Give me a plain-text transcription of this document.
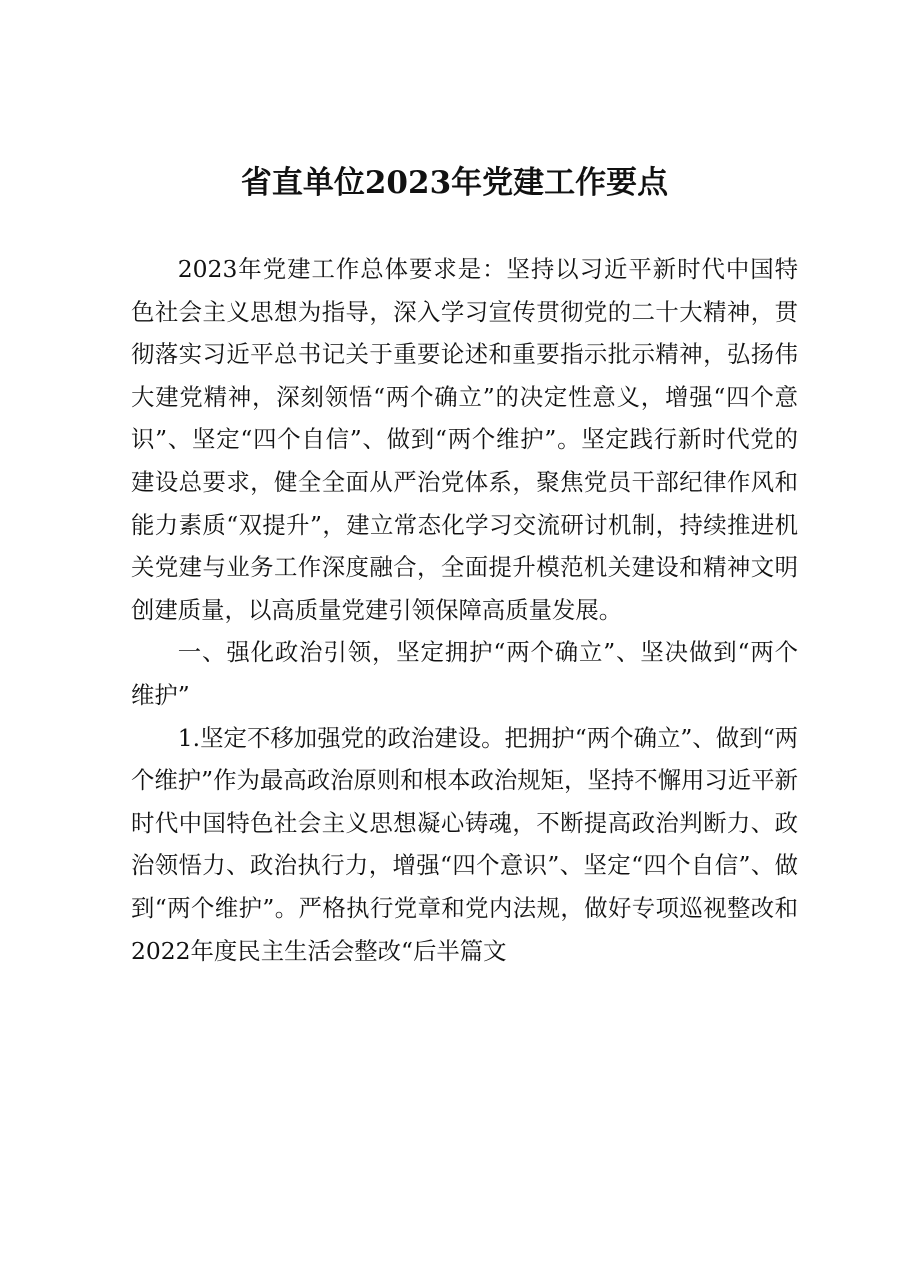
省直单位2023年党建工作要点

2023年党建工作总体要求是：坚持以习近平新时代中国特色社会主义思想为指导，深入学习宣传贯彻党的二十大精神，贯彻落实习近平总书记关于重要论述和重要指示批示精神，弘扬伟大建党精神，深刻领悟“两个确立”的决定性意义，增强“四个意识”、坚定“四个自信”、做到“两个维护”。坚定践行新时代党的建设总要求，健全全面从严治党体系，聚焦党员干部纪律作风和能力素质“双提升”，建立常态化学习交流研讨机制，持续推进机关党建与业务工作深度融合，全面提升模范机关建设和精神文明创建质量，以高质量党建引领保障高质量发展。

一、强化政治引领，坚定拥护“两个确立”、坚决做到“两个维护”

1.坚定不移加强党的政治建设。把拥护“两个确立”、做到“两个维护”作为最高政治原则和根本政治规矩，坚持不懈用习近平新时代中国特色社会主义思想凝心铸魂，不断提高政治判断力、政治领悟力、政治执行力，增强“四个意识”、坚定“四个自信”、做到“两个维护”。严格执行党章和党内法规，做好专项巡视整改和2022年度民主生活会整改“后半篇文
